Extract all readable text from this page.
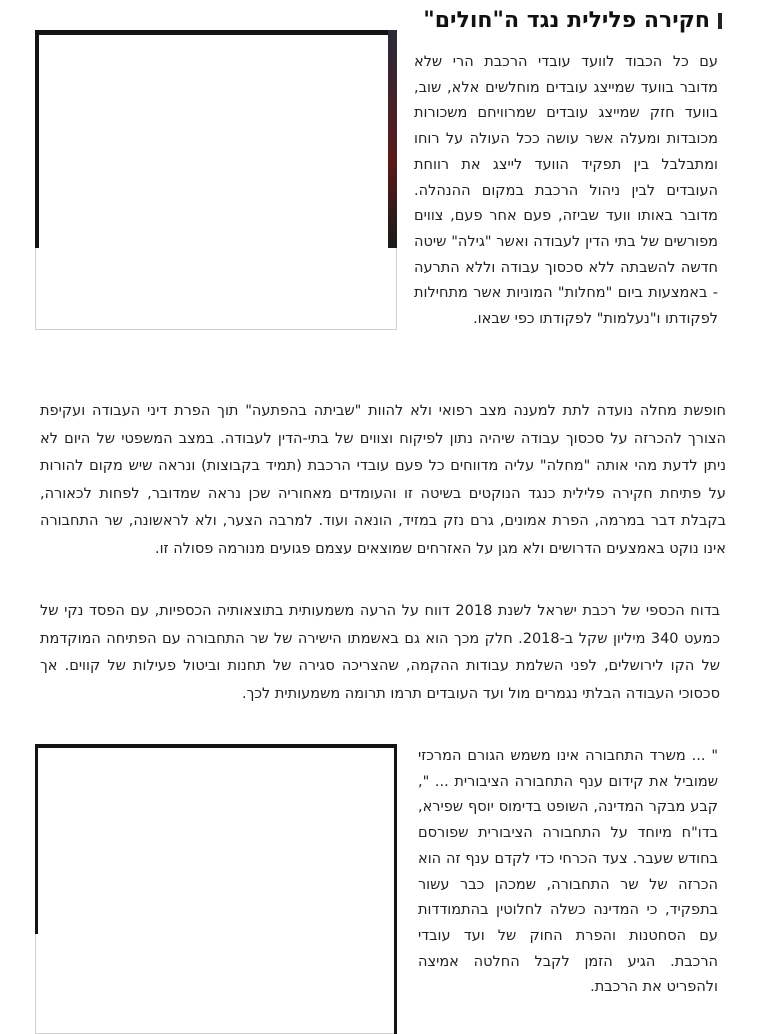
חקירה פלילית נגד ה"חולים"

עם כל הכבוד לוועד עובדי הרכבת הרי שלא מדובר בוועד שמייצג עובדים מוחלשים אלא, שוב, בוועד חזק שמייצג עובדים שמרוויחם משכורות מכובדות ומעלה אשר עושה ככל העולה על רוחו ומתבלבל בין תפקיד הוועד לייצג את רווחת העובדים לבין ניהול הרכבת במקום ההנהלה. מדובר באותו וועד שביזה, פעם אחר פעם, צווים מפורשים של בתי הדין לעבודה ואשר "גילה" שיטה חדשה להשבתה ללא סכסוך עבודה וללא התרעה - באמצעות ביום "מחלות" המוניות אשר מתחילות לפקודתו ו"נעלמות" לפקודתו כפי שבאו.

חופשת מחלה נועדה לתת למענה מצב רפואי ולא להוות "שביתה בהפתעה" תוך הפרת דיני העבודה ועקיפת הצורך להכרזה על סכסוך עבודה שיהיה נתון לפיקוח וצווים של בתי-הדין לעבודה. במצב המשפטי של היום לא ניתן לדעת מהי אותה "מחלה" עליה מדווחים כל פעם עובדי הרכבת (תמיד בקבוצות) ונראה שיש מקום להורות על פתיחת חקירה פלילית כנגד הנוקטים בשיטה זו והעומדים מאחוריה שכן נראה שמדובר, לפחות לכאורה, בקבלת דבר במרמה, הפרת אמונים, גרם נזק במזיד, הונאה ועוד. למרבה הצער, ולא לראשונה, שר התחבורה אינו נוקט באמצעים הדרושים ולא מגן על האזרחים שמוצאים עצמם פגועים מנורמה פסולה זו.

בדוח הכספי של רכבת ישראל לשנת 2018 דווח על הרעה משמעותית בתוצאותיה הכספיות, עם הפסד נקי של כמעט 340 מיליון שקל ב-2018. חלק מכך הוא גם באשמתו הישירה של שר התחבורה עם הפתיחה המוקדמת של הקו לירושלים, לפני השלמת עבודות ההקמה, שהצריכה סגירה של תחנות וביטול פעילות של קווים. אך סכסוכי העבודה הבלתי נגמרים מול ועד העובדים תרמו תרומה משמעותית לכך.

" ... משרד התחבורה אינו משמש הגורם המרכזי שמוביל את קידום ענף התחבורה הציבורית ... ", קבע מבקר המדינה, השופט בדימוס יוסף שפירא, בדו"ח מיוחד על התחבורה הציבורית שפורסם בחודש שעבר. צעד הכרחי כדי לקדם ענף זה הוא הכרזה של שר התחבורה, שמכהן כבר עשור בתפקיד, כי המדינה כשלה לחלוטין בהתמודדות עם הסחטנות והפרת החוק של ועד עובדי הרכבת. הגיע הזמן לקבל החלטה אמיצה ולהפריט את הרכבת.
